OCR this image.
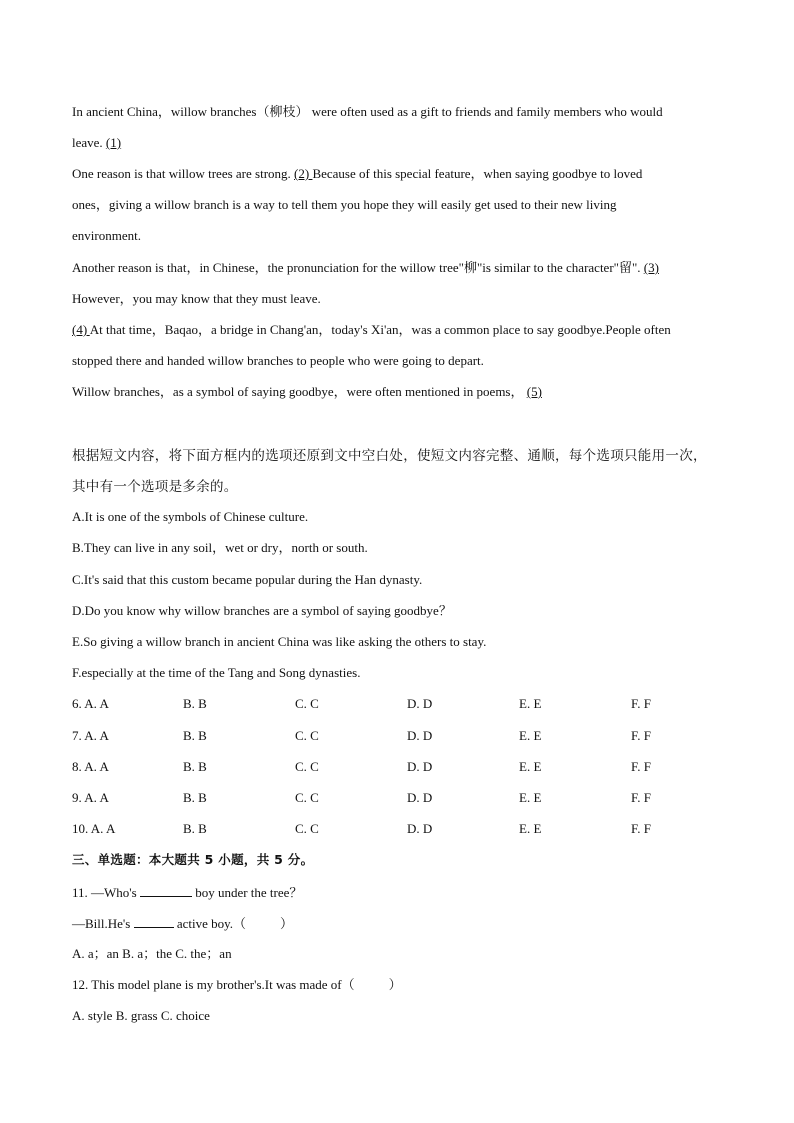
In ancient China，willow branches（柳枝） were often used as a gift to friends and family members who would
leave. (1)
One reason is that willow trees are strong. (2) Because of this special feature，when saying goodbye to loved
ones，giving a willow branch is a way to tell them you hope they will easily get used to their new living
environment.
Another reason is that，in Chinese，the pronunciation for the willow tree"柳"is similar to the character"留". (3)
However，you may know that they must leave.
(4) At that time，Baqao，a bridge in Chang'an，today's Xi'an，was a common place to say goodbye.People often
stopped there and handed willow branches to people who were going to depart.
Willow branches，as a symbol of saying goodbye，were often mentioned in poems， (5)
根据短文内容，将下面方框内的选项还原到文中空白处，使短文内容完整、通顺，每个选项只能用一次，
其中有一个选项是多余的。
A.It is one of the symbols of Chinese culture.
B.They can live in any soil，wet or dry，north or south.
C.It's said that this custom became popular during the Han dynasty.
D.Do you know why willow branches are a symbol of saying goodbye？
E.So giving a willow branch in ancient China was like asking the others to stay.
F.especially at the time of the Tang and Song dynasties.
6. A. A	B. B	C. C	D. D	E. E	F. F
7. A. A	B. B	C. C	D. D	E. E	F. F
8. A. A	B. B	C. C	D. D	E. E	F. F
9. A. A	B. B	C. C	D. D	E. E	F. F
10. A. A	B. B	C. C	D. D	E. E	F. F
三、单选题：本大题共 5 小题，共 5 分。
11. —Who's	boy under the tree？
—Bill.He's	active boy.（	）
A. a；an B. a；the C. the；an
12. This model plane is my brother's.It was made of（	）
A. style B. grass C. choice
